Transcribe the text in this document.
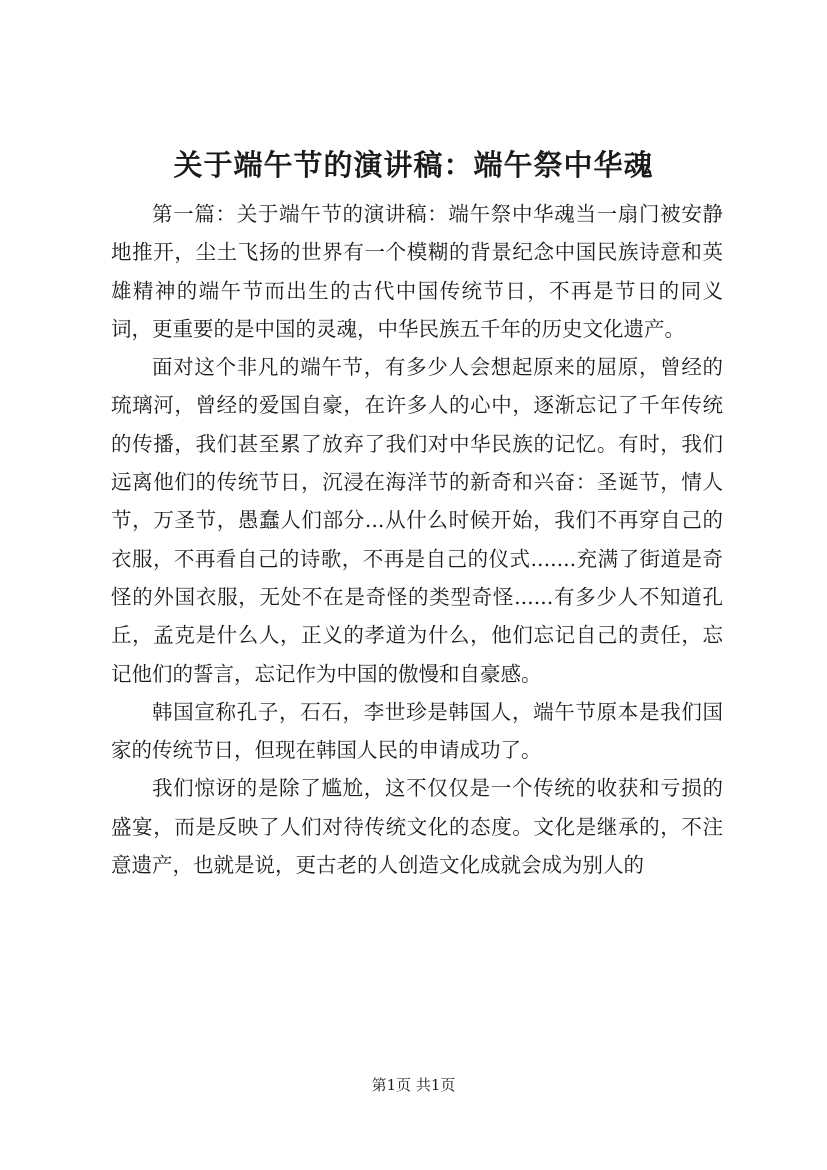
关于端午节的演讲稿：端午祭中华魂

第一篇：关于端午节的演讲稿：端午祭中华魂当一扇门被安静地推开，尘土飞扬的世界有一个模糊的背景纪念中国民族诗意和英雄精神的端午节而出生的古代中国传统节日，不再是节日的同义词，更重要的是中国的灵魂，中华民族五千年的历史文化遗产。

面对这个非凡的端午节，有多少人会想起原来的屈原，曾经的琉璃河，曾经的爱国自豪，在许多人的心中，逐渐忘记了千年传统的传播，我们甚至累了放弃了我们对中华民族的记忆。有时，我们远离他们的传统节日，沉浸在海洋节的新奇和兴奋：圣诞节，情人节，万圣节，愚蠢人们部分...从什么时候开始，我们不再穿自己的衣服，不再看自己的诗歌，不再是自己的仪式.......充满了街道是奇怪的外国衣服，无处不在是奇怪的类型奇怪......有多少人不知道孔丘，孟克是什么人，正义的孝道为什么，他们忘记自己的责任，忘记他们的誓言，忘记作为中国的傲慢和自豪感。

韩国宣称孔子，石石，李世珍是韩国人，端午节原本是我们国家的传统节日，但现在韩国人民的申请成功了。

我们惊讶的是除了尴尬，这不仅仅是一个传统的收获和亏损的盛宴，而是反映了人们对待传统文化的态度。文化是继承的，不注意遗产，也就是说，更古老的人创造文化成就会成为别人的

第1页 共1页
